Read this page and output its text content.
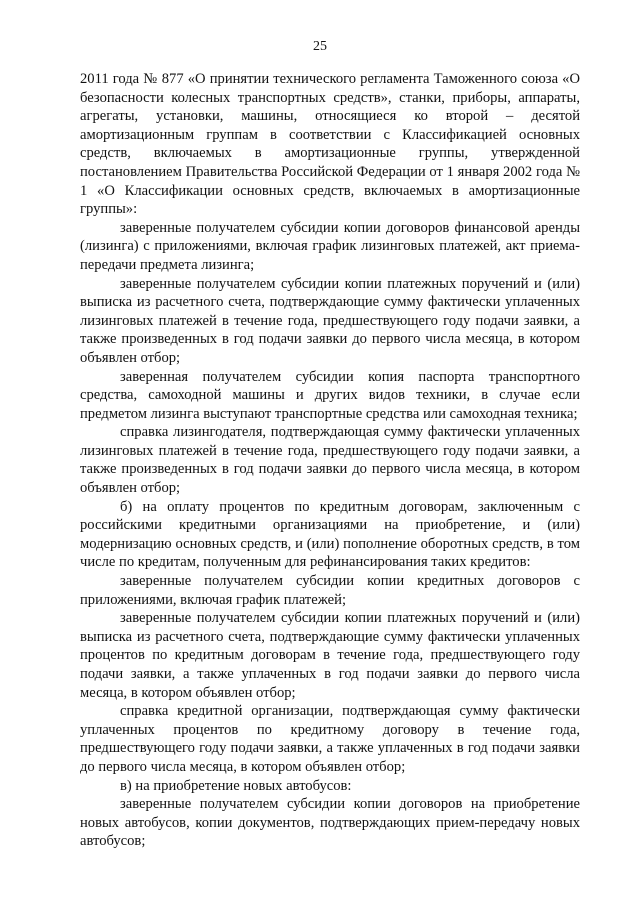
25

2011 года № 877 «О принятии технического регламента Таможенного союза «О безопасности колесных транспортных средств», станки, приборы, аппараты, агрегаты, установки, машины, относящиеся ко второй – десятой амортизационным группам в соответствии с Классификацией основных средств, включаемых в амортизационные группы, утвержденной постановлением Правительства Российской Федерации от 1 января 2002 года № 1 «О Классификации основных средств, включаемых в амортизационные группы»:

заверенные получателем субсидии копии договоров финансовой аренды (лизинга) с приложениями, включая график лизинговых платежей, акт приема-передачи предмета лизинга;

заверенные получателем субсидии копии платежных поручений и (или) выписка из расчетного счета, подтверждающие сумму фактически уплаченных лизинговых платежей в течение года, предшествующего году подачи заявки, а также произведенных в год подачи заявки до первого числа месяца, в котором объявлен отбор;

заверенная получателем субсидии копия паспорта транспортного средства, самоходной машины и других видов техники, в случае если предметом лизинга выступают транспортные средства или самоходная техника;

справка лизингодателя, подтверждающая сумму фактически уплаченных лизинговых платежей в течение года, предшествующего году подачи заявки, а также произведенных в год подачи заявки до первого числа месяца, в котором объявлен отбор;

б) на оплату процентов по кредитным договорам, заключенным с российскими кредитными организациями на приобретение, и (или) модернизацию основных средств, и (или) пополнение оборотных средств, в том числе по кредитам, полученным для рефинансирования таких кредитов:

заверенные получателем субсидии копии кредитных договоров с приложениями, включая график платежей;

заверенные получателем субсидии копии платежных поручений и (или) выписка из расчетного счета, подтверждающие сумму фактически уплаченных процентов по кредитным договорам в течение года, предшествующего году подачи заявки, а также уплаченных в год подачи заявки до первого числа месяца, в котором объявлен отбор;

справка кредитной организации, подтверждающая сумму фактически уплаченных процентов по кредитному договору в течение года, предшествующего году подачи заявки, а также уплаченных в год подачи заявки до первого числа месяца, в котором объявлен отбор;

в) на приобретение новых автобусов:

заверенные получателем субсидии копии договоров на приобретение новых автобусов, копии документов, подтверждающих прием-передачу новых автобусов;
